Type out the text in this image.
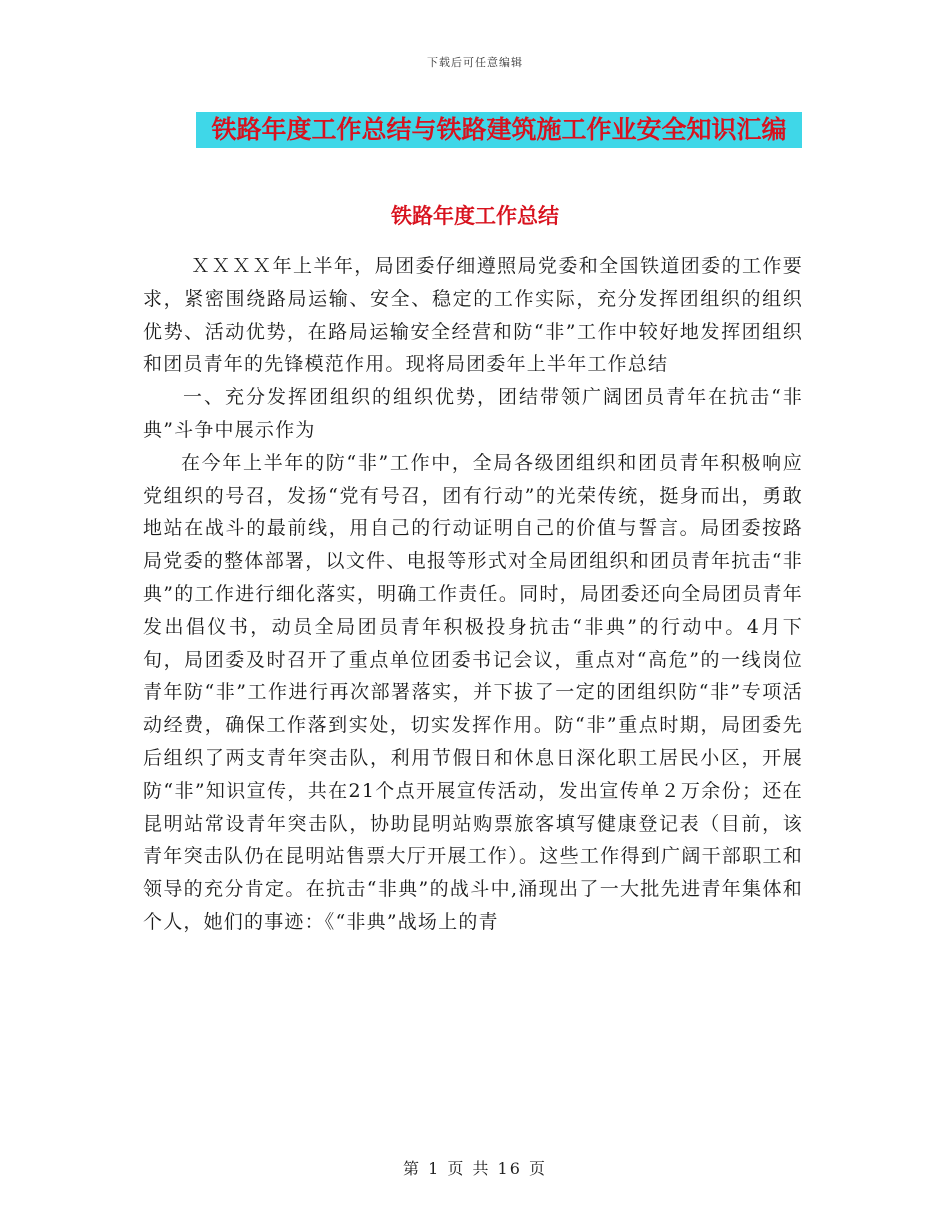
下载后可任意编辑
铁路年度工作总结与铁路建筑施工作业安全知识汇编
铁路年度工作总结

ＸＸＸＸ年上半年，局团委仔细遵照局党委和全国铁道团委的工作要求，紧密围绕路局运输、安全、稳定的工作实际，充分发挥团组织的组织优势、活动优势，在路局运输安全经营和防“非”工作中较好地发挥团组织和团员青年的先锋模范作用。现将局团委年上半年工作总结

一、充分发挥团组织的组织优势，团结带领广阔团员青年在抗击“非典”斗争中展示作为

在今年上半年的防“非”工作中，全局各级团组织和团员青年积极响应党组织的号召，发扬“党有号召，团有行动”的光荣传统，挺身而出，勇敢地站在战斗的最前线，用自己的行动证明自己的价值与誓言。局团委按路局党委的整体部署，以文件、电报等形式对全局团组织和团员青年抗击“非典”的工作进行细化落实，明确工作责任。同时，局团委还向全局团员青年发出倡仪书，动员全局团员青年积极投身抗击“非典”的行动中。4月下旬，局团委及时召开了重点单位团委书记会议，重点对“高危”的一线岗位青年防“非”工作进行再次部署落实，并下拔了一定的团组织防“非”专项活动经费，确保工作落到实处，切实发挥作用。防“非”重点时期，局团委先后组织了两支青年突击队，利用节假日和休息日深化职工居民小区，开展防“非”知识宣传，共在21个点开展宣传活动，发出宣传单２万余份；还在昆明站常设青年突击队，协助昆明站购票旅客填写健康登记表（目前，该青年突击队仍在昆明站售票大厅开展工作）。这些工作得到广阔干部职工和领导的充分肯定。在抗击“非典”的战斗中,涌现出了一大批先进青年集体和个人，她们的事迹：《“非典”战场上的青

第 1 页 共 16 页
